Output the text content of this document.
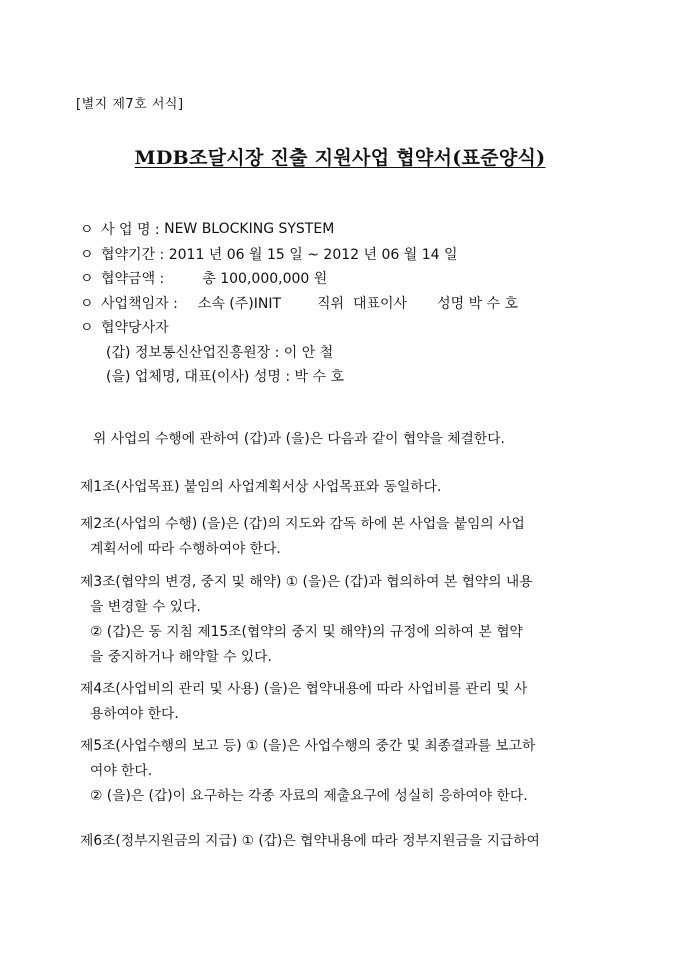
[별지 제7호 서식]
MDB조달시장 진출 지원사업 협약서(표준양식)
ㅇ 사 업 명 :
NEW BLOCKING SYSTEM
ㅇ 협약기간 :
2011 년 06 월 15 일 ~ 2012 년 06 월 14 일
ㅇ 협약금액 :	총 100,000,000 원
ㅇ 사업책임자 : 소속 (주)INIT	직위  대표이사 성명 박 수 호
ㅇ 협약당사자
(갑) 정보통신산업진흥원장 : 이 안 철
(을) 업체명, 대표(이사) 성명 : 박 수 호
위 사업의 수행에 관하여 (갑)과 (을)은 다음과 같이 협약을 체결한다.
제1조(사업목표) 붙임의 사업계획서상 사업목표와 동일하다.
제2조(사업의 수행) (을)은 (갑)의 지도와 감독 하에 본 사업을 붙임의 사업
계획서에 따라 수행하여야 한다.
제3조(협약의 변경, 중지 및 해약) ① (을)은 (갑)과 협의하여 본 협약의 내용
을 변경할 수 있다.
② (갑)은 동 지침 제15조(협약의 중지 및 해약)의 규정에 의하여 본 협약
을 중지하거나 해약할 수 있다.
제4조(사업비의 관리 및 사용) (을)은 협약내용에 따라 사업비를 관리 및 사
용하여야 한다.
제5조(사업수행의 보고 등) ① (을)은 사업수행의 중간 및 최종결과를 보고하
여야 한다.
② (을)은 (갑)이 요구하는 각종 자료의 제출요구에 성실히 응하여야 한다.
제6조(정부지원금의 지급) ① (갑)은 협약내용에 따라 정부지원금을 지급하여
